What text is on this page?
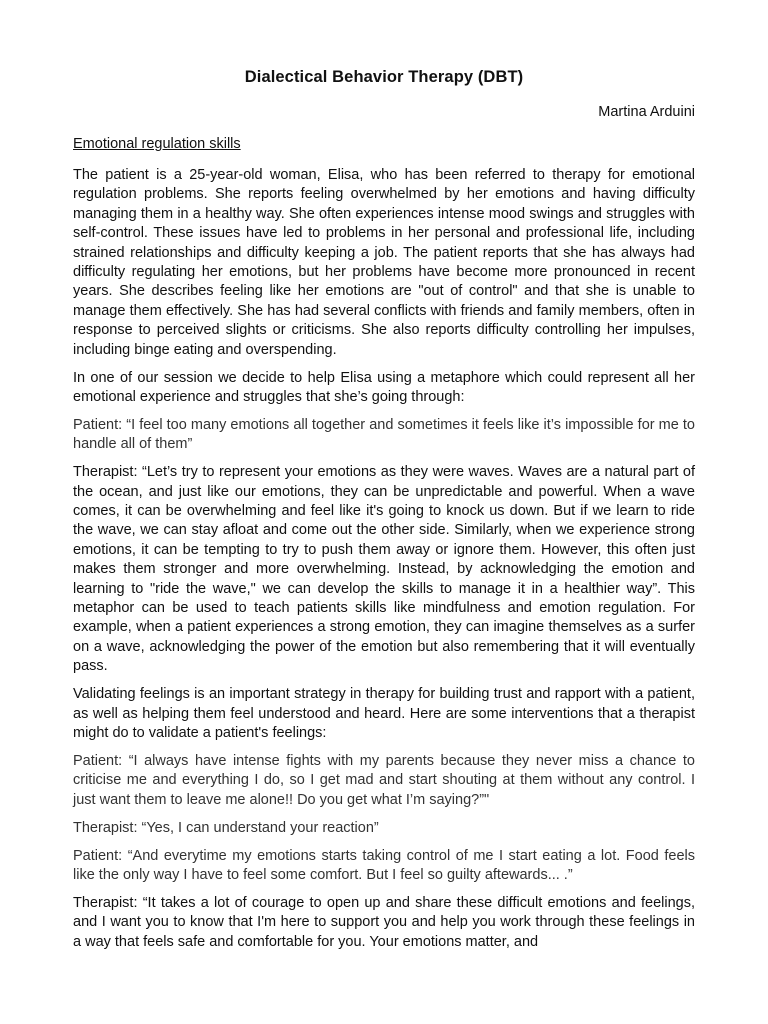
Dialectical Behavior Therapy (DBT)
Martina Arduini
Emotional regulation skills

The patient is a 25-year-old woman, Elisa, who has been referred to therapy for emotional regulation problems. She reports feeling overwhelmed by her emotions and having difficulty managing them in a healthy way. She often experiences intense mood swings and struggles with self-control. These issues have led to problems in her personal and professional life, including strained relationships and difficulty keeping a job. The patient reports that she has always had difficulty regulating her emotions, but her problems have become more pronounced in recent years. She describes feeling like her emotions are "out of control" and that she is unable to manage them effectively. She has had several conflicts with friends and family members, often in response to perceived slights or criticisms. She also reports difficulty controlling her impulses, including binge eating and overspending.

In one of our session we decide to help Elisa using a metaphore which could represent all her emotional experience and struggles that she’s going through:

Patient: “I feel too many emotions all together and sometimes it feels like it’s impossible for me to handle all of them”

Therapist: “Let’s try to represent your emotions as they were waves. Waves are a natural part of the ocean, and just like our emotions, they can be unpredictable and powerful. When a wave comes, it can be overwhelming and feel like it's going to knock us down. But if we learn to ride the wave, we can stay afloat and come out the other side. Similarly, when we experience strong emotions, it can be tempting to try to push them away or ignore them. However, this often just makes them stronger and more overwhelming. Instead, by acknowledging the emotion and learning to "ride the wave," we can develop the skills to manage it in a healthier way”. This metaphor can be used to teach patients skills like mindfulness and emotion regulation. For example, when a patient experiences a strong emotion, they can imagine themselves as a surfer on a wave, acknowledging the power of the emotion but also remembering that it will eventually pass.

Validating feelings is an important strategy in therapy for building trust and rapport with a patient, as well as helping them feel understood and heard. Here are some interventions that a therapist might do to validate a patient's feelings:

Patient: “I always have intense fights with my parents because they never miss a chance to criticise me and everything I do, so I get mad and start shouting at them without any control. I just want them to leave me alone!! Do you get what I’m saying?”"

Therapist: “Yes, I can understand your reaction”

Patient: “And everytime my emotions starts taking control of me I start eating a lot. Food feels like the only way I have to feel some comfort. But I feel so guilty aftewards... .”

Therapist: “It takes a lot of courage to open up and share these difficult emotions and feelings, and I want you to know that I'm here to support you and help you work through these feelings in a way that feels safe and comfortable for you. Your emotions matter, and
